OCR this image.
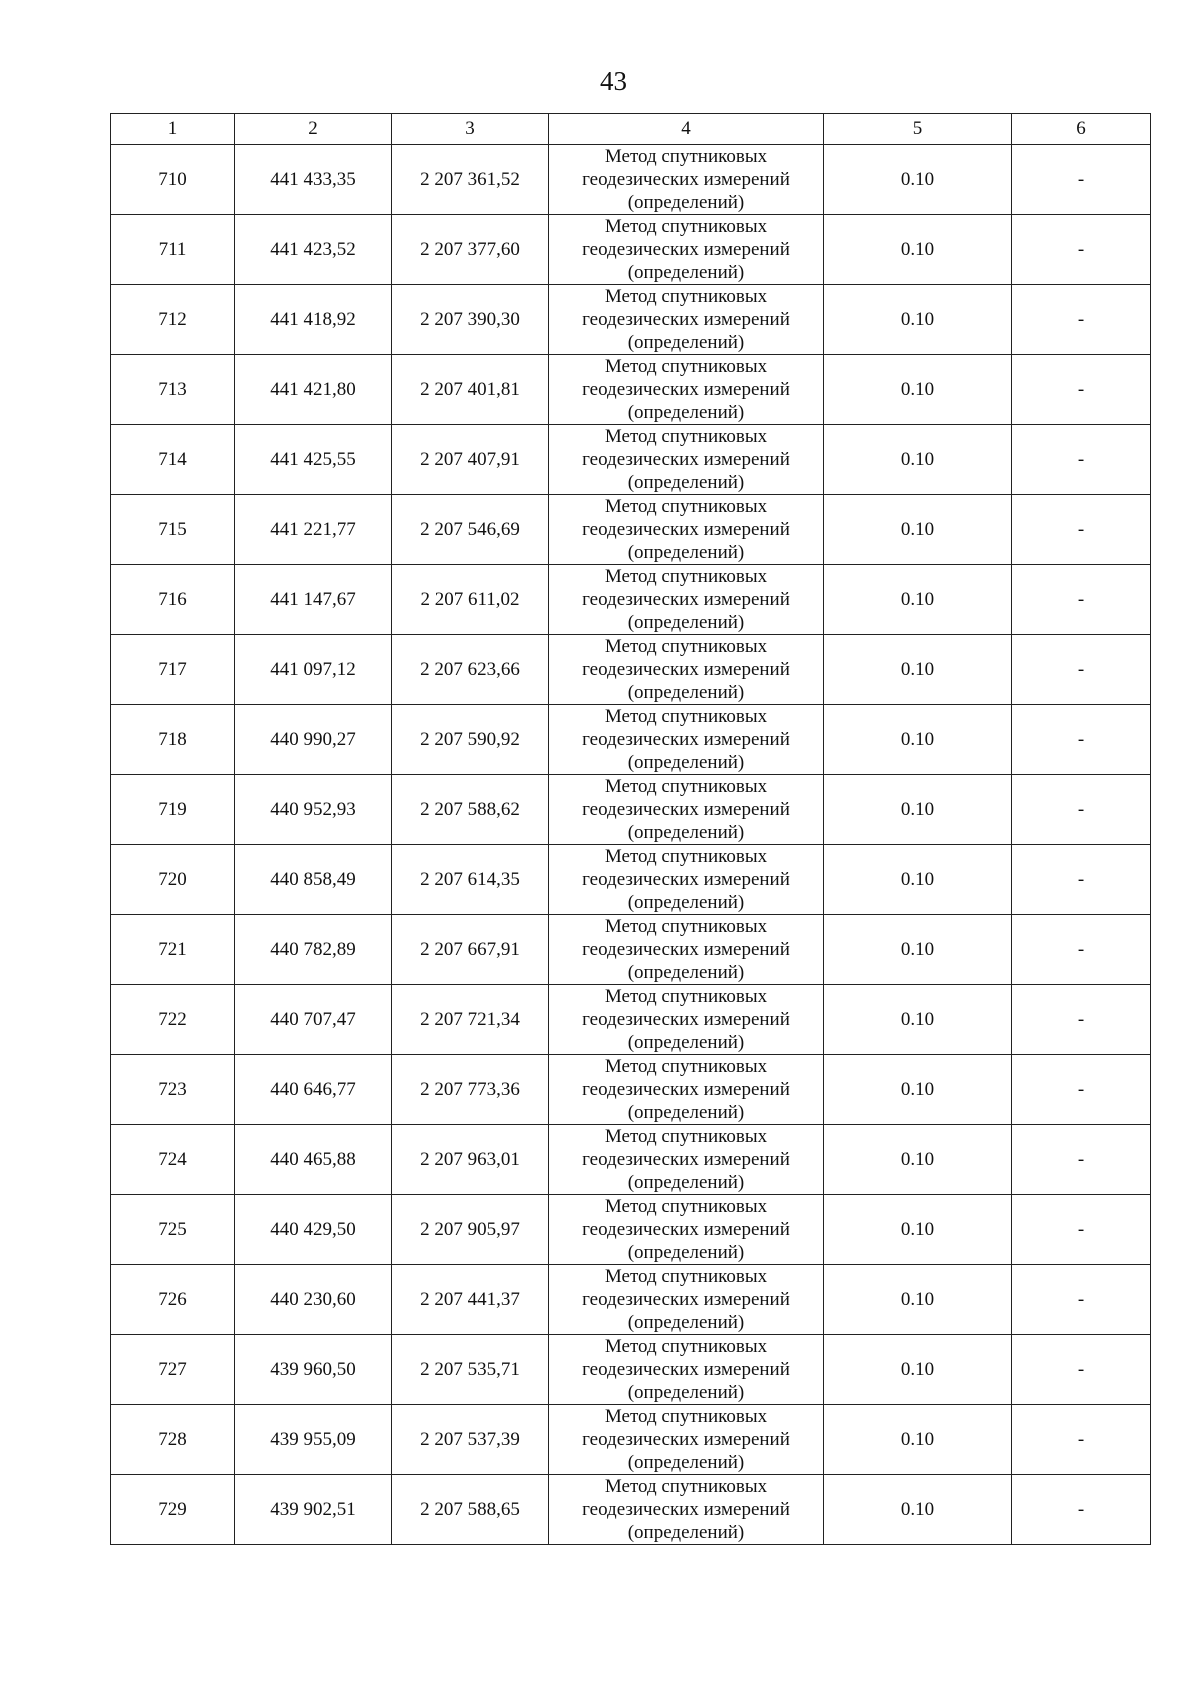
43
1	2	3	4	5	6
710	441 433,35	2 207 361,52	Метод спутниковых
геодезических измерений
(определений)	0.10	-
711	441 423,52	2 207 377,60	Метод спутниковых
геодезических измерений
(определений)	0.10	-
712	441 418,92	2 207 390,30	Метод спутниковых
геодезических измерений
(определений)	0.10	-
713	441 421,80	2 207 401,81	Метод спутниковых
геодезических измерений
(определений)	0.10	-
714	441 425,55	2 207 407,91	Метод спутниковых
геодезических измерений
(определений)	0.10	-
715	441 221,77	2 207 546,69	Метод спутниковых
геодезических измерений
(определений)	0.10	-
716	441 147,67	2 207 611,02	Метод спутниковых
геодезических измерений
(определений)	0.10	-
717	441 097,12	2 207 623,66	Метод спутниковых
геодезических измерений
(определений)	0.10	-
718	440 990,27	2 207 590,92	Метод спутниковых
геодезических измерений
(определений)	0.10	-
719	440 952,93	2 207 588,62	Метод спутниковых
геодезических измерений
(определений)	0.10	-
720	440 858,49	2 207 614,35	Метод спутниковых
геодезических измерений
(определений)	0.10	-
721	440 782,89	2 207 667,91	Метод спутниковых
геодезических измерений
(определений)	0.10	-
722	440 707,47	2 207 721,34	Метод спутниковых
геодезических измерений
(определений)	0.10	-
723	440 646,77	2 207 773,36	Метод спутниковых
геодезических измерений
(определений)	0.10	-
724	440 465,88	2 207 963,01	Метод спутниковых
геодезических измерений
(определений)	0.10	-
725	440 429,50	2 207 905,97	Метод спутниковых
геодезических измерений
(определений)	0.10	-
726	440 230,60	2 207 441,37	Метод спутниковых
геодезических измерений
(определений)	0.10	-
727	439 960,50	2 207 535,71	Метод спутниковых
геодезических измерений
(определений)	0.10	-
728	439 955,09	2 207 537,39	Метод спутниковых
геодезических измерений
(определений)	0.10	-
729	439 902,51	2 207 588,65	Метод спутниковых
геодезических измерений
(определений)	0.10	-
